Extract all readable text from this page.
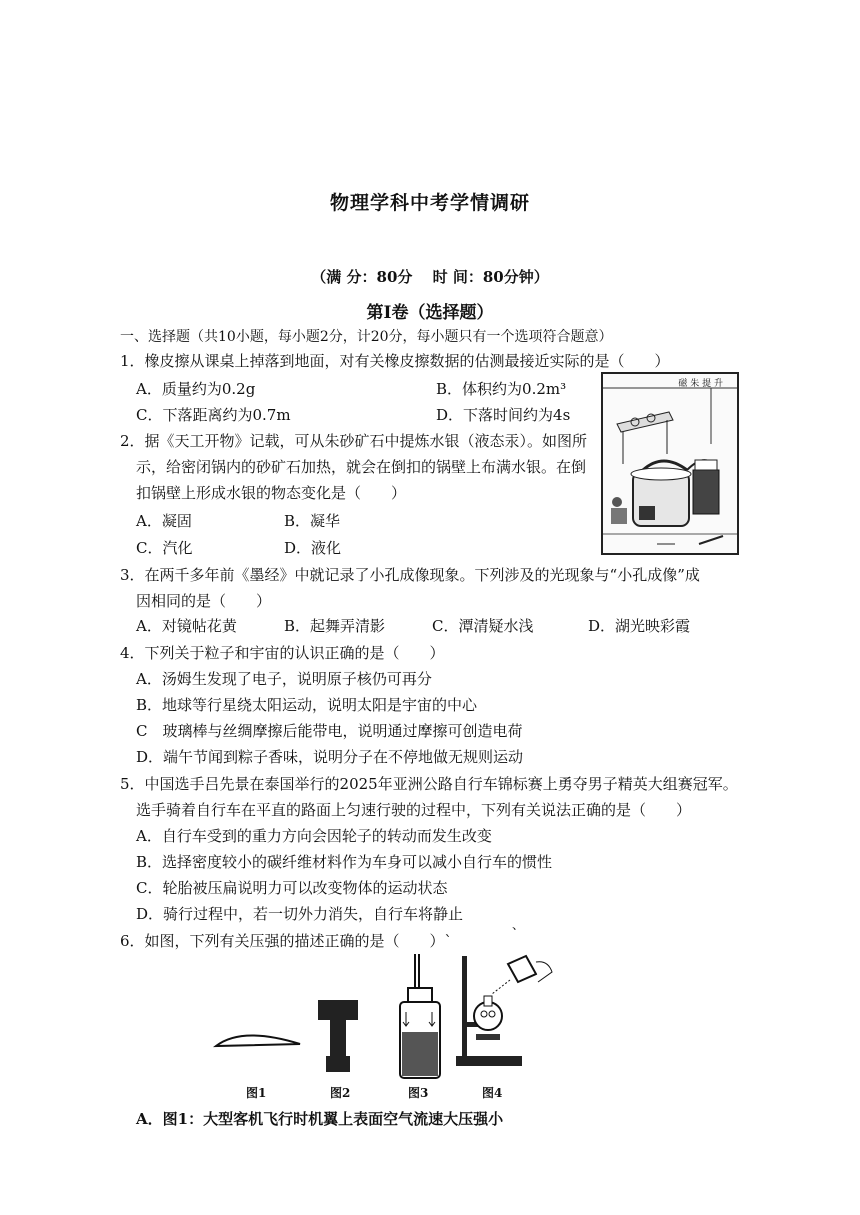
物理学科中考学情调研
（满 分：80分　 时 间：80分钟）
第Ⅰ卷（选择题）
一、选择题（共10小题，每小题2分，计20分，每小题只有一个选项符合题意）
1．橡皮擦从课桌上掉落到地面，对有关橡皮擦数据的估测最接近实际的是（　　）
A．质量约为0.2g	B．体积约为0.2m³
C．下落距离约为0.7m	D．下落时间约为4s
2．据《天工开物》记载，可从朱砂矿石中提炼水银（液态汞）。如图所
示，给密闭锅内的砂矿石加热，就会在倒扣的锅壁上布满水银。在倒
扣锅壁上形成水银的物态变化是（　　）
A．凝固	B．凝华
C．汽化	D．液化
磁 朱 提 升
3．在两千多年前《墨经》中就记录了小孔成像现象。下列涉及的光现象与“小孔成像”成
因相同的是（　　）
A．对镜帖花黄	B．起舞弄清影	C．潭清疑水浅	D．湖光映彩霞
4．下列关于粒子和宇宙的认识正确的是（　　）
A．汤姆生发现了电子，说明原子核仍可再分
B．地球等行星绕太阳运动，说明太阳是宇宙的中心
C　玻璃棒与丝绸摩擦后能带电，说明通过摩擦可创造电荷
D．端午节闻到粽子香味，说明分子在不停地做无规则运动
5．中国选手吕先景在泰国举行的2025年亚洲公路自行车锦标赛上勇夺男子精英大组赛冠军。
选手骑着自行车在平直的路面上匀速行驶的过程中，下列有关说法正确的是（　　）
A．自行车受到的重力方向会因轮子的转动而发生改变
B．选择密度较小的碳纤维材料作为车身可以减小自行车的惯性
C．轮胎被压扁说明力可以改变物体的运动状态
D．骑行过程中，若一切外力消失，自行车将静止
、
6．如图，下列有关压强的描述正确的是（　　）`
图1	图2	图3	图4
A．图1：大型客机飞行时机翼上表面空气流速大压强小
